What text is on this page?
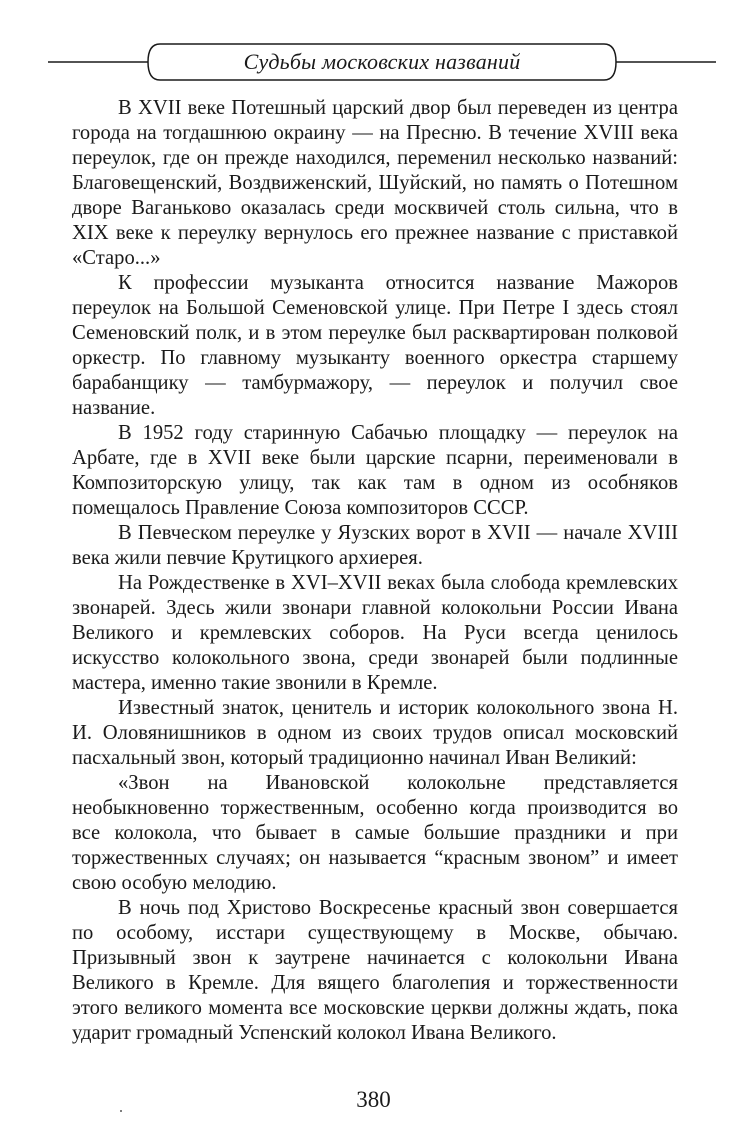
Судьбы московских названий

В XVII веке Потешный царский двор был переведен из центра города на тогдашнюю окраину — на Пресню. В течение XVIII века переулок, где он прежде находился, переменил несколько названий: Благовещенский, Воздвиженский, Шуйский, но память о Потешном дворе Ваганьково оказалась среди москвичей столь сильна, что в XIX веке к переулку вернулось его прежнее название с приставкой «Старо...»

К профессии музыканта относится название Мажоров переулок на Большой Семеновской улице. При Петре I здесь стоял Семеновский полк, и в этом переулке был расквартирован полковой оркестр. По главному музыканту военного оркестра старшему барабанщику — тамбурмажору, — переулок и получил свое название.

В 1952 году старинную Сабачью площадку — переулок на Арбате, где в XVII веке были царские псарни, переименовали в Композиторскую улицу, так как там в одном из особняков помещалось Правление Союза композиторов СССР.

В Певческом переулке у Яузских ворот в XVII — начале XVIII века жили певчие Крутицкого архиерея.

На Рождественке в XVI–XVII веках была слобода кремлевских звонарей. Здесь жили звонари главной колокольни России Ивана Великого и кремлевских соборов. На Руси всегда ценилось искусство колокольного звона, среди звонарей были подлинные мастера, именно такие звонили в Кремле.

Известный знаток, ценитель и историк колокольного звона Н. И. Оловянишников в одном из своих трудов описал московский пасхальный звон, который традиционно начинал Иван Великий:

«Звон на Ивановской колокольне представляется необыкновенно торжественным, особенно когда производится во все колокола, что бывает в самые большие праздники и при торжественных случаях; он называется “красным звоном” и имеет свою особую мелодию.

В ночь под Христово Воскресенье красный звон совершается по особому, исстари существующему в Москве, обычаю. Призывный звон к заутрене начинается с колокольни Ивана Великого в Кремле. Для вящего благолепия и торжественности этого великого момента все московские церкви должны ждать, пока ударит громадный Успенский колокол Ивана Великого.

380
